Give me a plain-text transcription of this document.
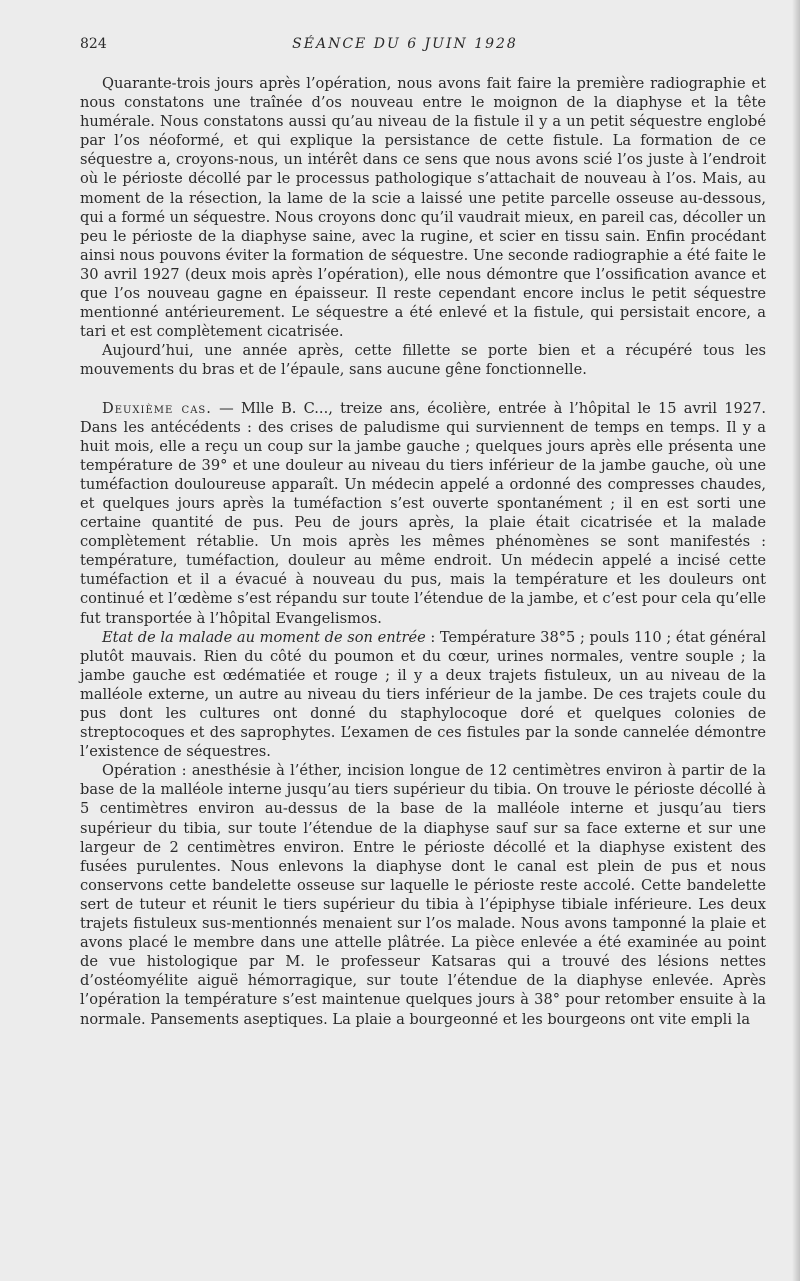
824	SÉANCE DU 6 JUIN 1928

Quarante-trois jours après l’opération, nous avons fait faire la première radiographie et nous constatons une traînée d’os nouveau entre le moignon de la diaphyse et la tête humérale. Nous constatons aussi qu’au niveau de la fistule il y a un petit séquestre englobé par l’os néoformé, et qui explique la persistance de cette fistule. La formation de ce séquestre a, croyons-nous, un intérêt dans ce sens que nous avons scié l’os juste à l’endroit où le périoste décollé par le processus pathologique s’attachait de nouveau à l’os. Mais, au moment de la résection, la lame de la scie a laissé une petite parcelle osseuse au-dessous, qui a formé un séquestre. Nous croyons donc qu’il vaudrait mieux, en pareil cas, décoller un peu le périoste de la diaphyse saine, avec la rugine, et scier en tissu sain. Enfin procédant ainsi nous pouvons éviter la formation de séquestre. Une seconde radiographie a été faite le 30 avril 1927 (deux mois après l’opération), elle nous démontre que l’ossification avance et que l’os nouveau gagne en épaisseur. Il reste cependant encore inclus le petit séquestre mentionné antérieurement. Le séquestre a été enlevé et la fistule, qui persistait encore, a tari et est complètement cicatrisée.

Aujourd’hui, une année après, cette fillette se porte bien et a récupéré tous les mouvements du bras et de l’épaule, sans aucune gêne fonctionnelle.

Deuxième cas. — Mlle B. C..., treize ans, écolière, entrée à l’hôpital le 15 avril 1927. Dans les antécédents : des crises de paludisme qui surviennent de temps en temps. Il y a huit mois, elle a reçu un coup sur la jambe gauche ; quelques jours après elle présenta une température de 39° et une douleur au niveau du tiers inférieur de la jambe gauche, où une tuméfaction douloureuse apparaît. Un médecin appelé a ordonné des compresses chaudes, et quelques jours après la tuméfaction s’est ouverte spontanément ; il en est sorti une certaine quantité de pus. Peu de jours après, la plaie était cicatrisée et la malade complètement rétablie. Un mois après les mêmes phénomènes se sont manifestés : température, tuméfaction, douleur au même endroit. Un médecin appelé a incisé cette tuméfaction et il a évacué à nouveau du pus, mais la température et les douleurs ont continué et l’œdème s’est répandu sur toute l’étendue de la jambe, et c’est pour cela qu’elle fut transportée à l’hôpital Evangelismos.

Etat de la malade au moment de son entrée : Température 38°5 ; pouls 110 ; état général plutôt mauvais. Rien du côté du poumon et du cœur, urines normales, ventre souple ; la jambe gauche est œdématiée et rouge ; il y a deux trajets fistuleux, un au niveau de la malléole externe, un autre au niveau du tiers inférieur de la jambe. De ces trajets coule du pus dont les cultures ont donné du staphylocoque doré et quelques colonies de streptocoques et des saprophytes. L’examen de ces fistules par la sonde cannelée démontre l’existence de séquestres.

Opération : anesthésie à l’éther, incision longue de 12 centimètres environ à partir de la base de la malléole interne jusqu’au tiers supérieur du tibia. On trouve le périoste décollé à 5 centimètres environ au-dessus de la base de la malléole interne et jusqu’au tiers supérieur du tibia, sur toute l’étendue de la diaphyse sauf sur sa face externe et sur une largeur de 2 centimètres environ. Entre le périoste décollé et la diaphyse existent des fusées purulentes. Nous enlevons la diaphyse dont le canal est plein de pus et nous conservons cette bandelette osseuse sur laquelle le périoste reste accolé. Cette bandelette sert de tuteur et réunit le tiers supérieur du tibia à l’épiphyse tibiale inférieure. Les deux trajets fistuleux sus-mentionnés menaient sur l’os malade. Nous avons tamponné la plaie et avons placé le membre dans une attelle plâtrée. La pièce enlevée a été examinée au point de vue histologique par M. le professeur Katsaras qui a trouvé des lésions nettes d’ostéomyélite aiguë hémorragique, sur toute l’étendue de la diaphyse enlevée. Après l’opération la température s’est maintenue quelques jours à 38° pour retomber ensuite à la normale. Pansements aseptiques. La plaie a bourgeonné et les bourgeons ont vite empli la
